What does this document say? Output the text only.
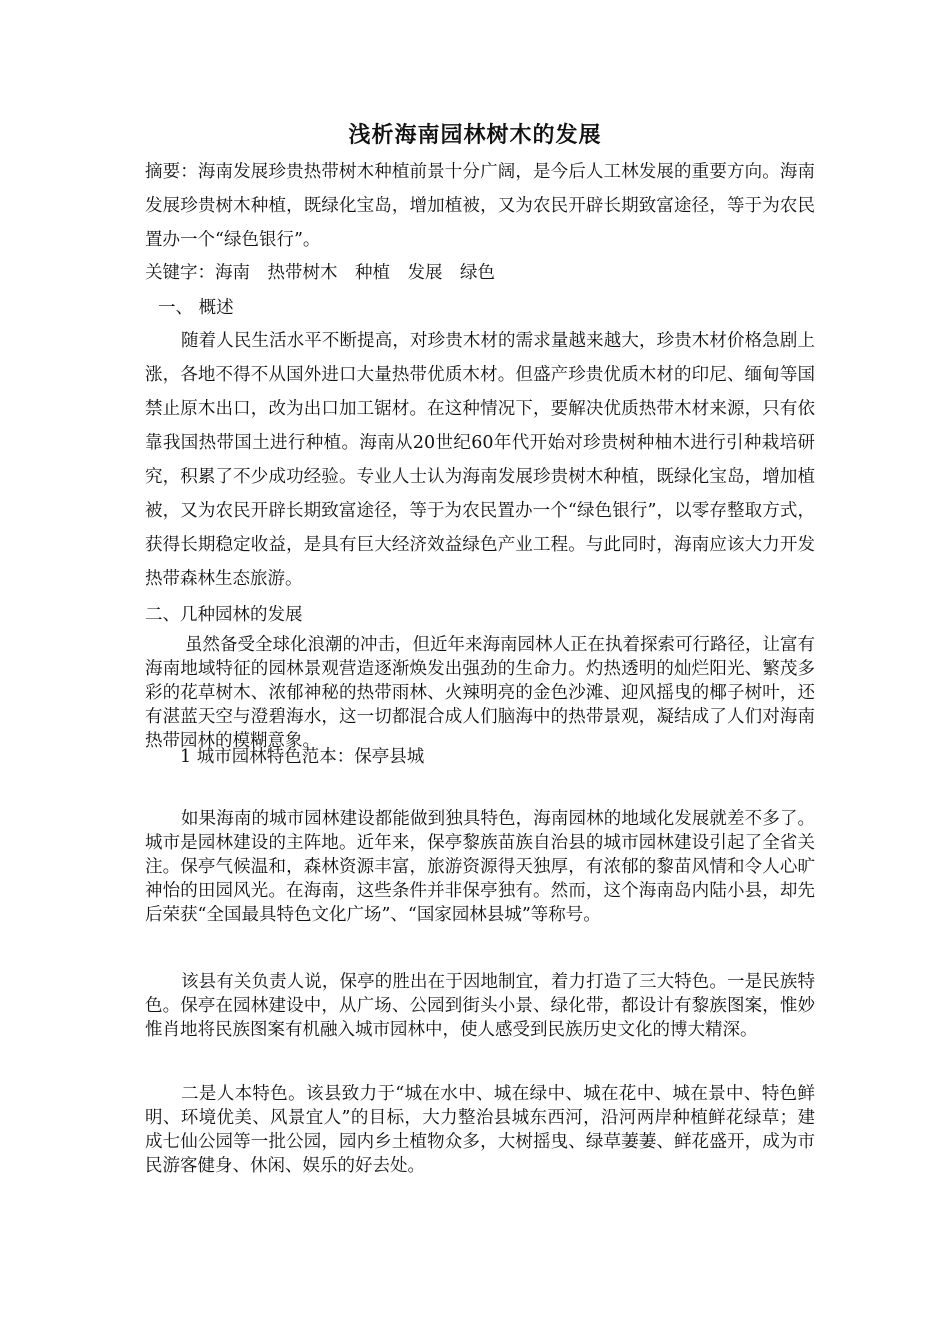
浅析海南园林树木的发展
摘要：海南发展珍贵热带树木种植前景十分广阔，是今后人工林发展的重要方向。海南发展珍贵树木种植，既绿化宝岛，增加植被，又为农民开辟长期致富途径，等于为农民置办一个“绿色银行”。
关键字：海南　热带树木　种植　发展　绿色
一、 概述
随着人民生活水平不断提高，对珍贵木材的需求量越来越大，珍贵木材价格急剧上涨，各地不得不从国外进口大量热带优质木材。但盛产珍贵优质木材的印尼、缅甸等国禁止原木出口，改为出口加工锯材。在这种情况下，要解决优质热带木材来源，只有依靠我国热带国土进行种植。海南从20世纪60年代开始对珍贵树种柚木进行引种栽培研究，积累了不少成功经验。专业人士认为海南发展珍贵树木种植，既绿化宝岛，增加植被，又为农民开辟长期致富途径，等于为农民置办一个“绿色银行”，以零存整取方式，获得长期稳定收益，是具有巨大经济效益绿色产业工程。与此同时，海南应该大力开发热带森林生态旅游。
二、几种园林的发展
虽然备受全球化浪潮的冲击，但近年来海南园林人正在执着探索可行路径，让富有海南地域特征的园林景观营造逐渐焕发出强劲的生命力。灼热透明的灿烂阳光、繁茂多彩的花草树木、浓郁神秘的热带雨林、火辣明亮的金色沙滩、迎风摇曳的椰子树叶，还有湛蓝天空与澄碧海水，这一切都混合成人们脑海中的热带景观，凝结成了人们对海南热带园林的模糊意象。
1 城市园林特色范本：保亭县城
如果海南的城市园林建设都能做到独具特色，海南园林的地域化发展就差不多了。城市是园林建设的主阵地。近年来，保亭黎族苗族自治县的城市园林建设引起了全省关注。保亭气候温和，森林资源丰富，旅游资源得天独厚，有浓郁的黎苗风情和令人心旷神怡的田园风光。在海南，这些条件并非保亭独有。然而，这个海南岛内陆小县，却先后荣获“全国最具特色文化广场”、“国家园林县城”等称号。
该县有关负责人说，保亭的胜出在于因地制宜，着力打造了三大特色。一是民族特色。保亭在园林建设中，从广场、公园到街头小景、绿化带，都设计有黎族图案，惟妙惟肖地将民族图案有机融入城市园林中，使人感受到民族历史文化的博大精深。
二是人本特色。该县致力于“城在水中、城在绿中、城在花中、城在景中、特色鲜明、环境优美、风景宜人”的目标，大力整治县城东西河，沿河两岸种植鲜花绿草；建成七仙公园等一批公园，园内乡土植物众多，大树摇曳、绿草萋萋、鲜花盛开，成为市民游客健身、休闲、娱乐的好去处。
